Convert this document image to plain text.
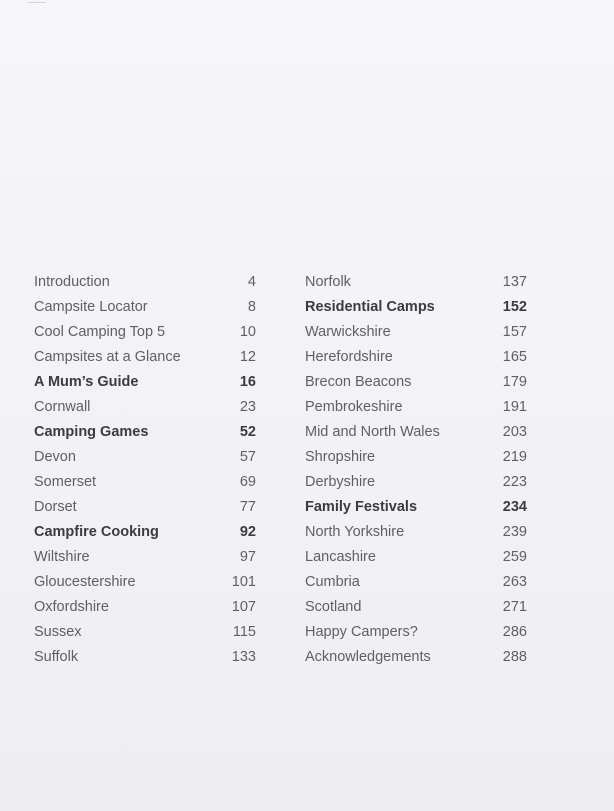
Introduction	4
Campsite Locator	8
Cool Camping Top 5	10
Campsites at a Glance	12
A Mum’s Guide	16
Cornwall	23
Camping Games	52
Devon	57
Somerset	69
Dorset	77
Campfire Cooking	92
Wiltshire	97
Gloucestershire	101
Oxfordshire	107
Sussex	115
Suffolk	133
Norfolk	137
Residential Camps	152
Warwickshire	157
Herefordshire	165
Brecon Beacons	179
Pembrokeshire	191
Mid and North Wales	203
Shropshire	219
Derbyshire	223
Family Festivals	234
North Yorkshire	239
Lancashire	259
Cumbria	263
Scotland	271
Happy Campers?	286
Acknowledgements	288
